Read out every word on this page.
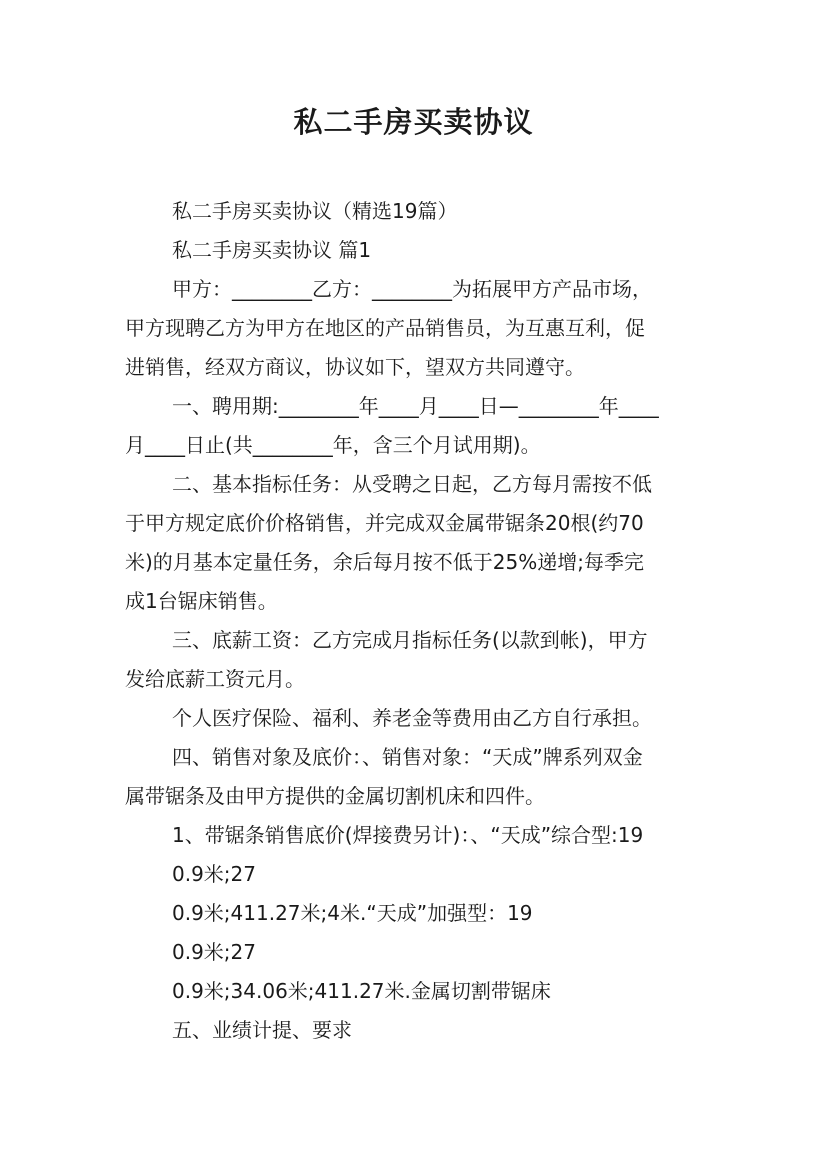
私二手房买卖协议
私二手房买卖协议（精选19篇）
私二手房买卖协议 篇1
甲方：________乙方：________为拓展甲方产品市场，
甲方现聘乙方为甲方在地区的产品销售员，为互惠互利，促
进销售，经双方商议，协议如下，望双方共同遵守。
一、聘用期:________年____月____日—________年____
月____日止(共________年，含三个月试用期)。
二、基本指标任务：从受聘之日起，乙方每月需按不低
于甲方规定底价价格销售，并完成双金属带锯条20根(约70
米)的月基本定量任务，余后每月按不低于25%递增;每季完
成1台锯床销售。
三、底薪工资：乙方完成月指标任务(以款到帐)，甲方
发给底薪工资元月。
个人医疗保险、福利、养老金等费用由乙方自行承担。
四、销售对象及底价：、销售对象：“天成”牌系列双金
属带锯条及由甲方提供的金属切割机床和四件。
1、带锯条销售底价(焊接费另计)：、“天成”综合型:19
0.9米;27
0.9米;411.27米;4米.“天成”加强型：19
0.9米;27
0.9米;34.06米;411.27米.金属切割带锯床
五、业绩计提、要求
